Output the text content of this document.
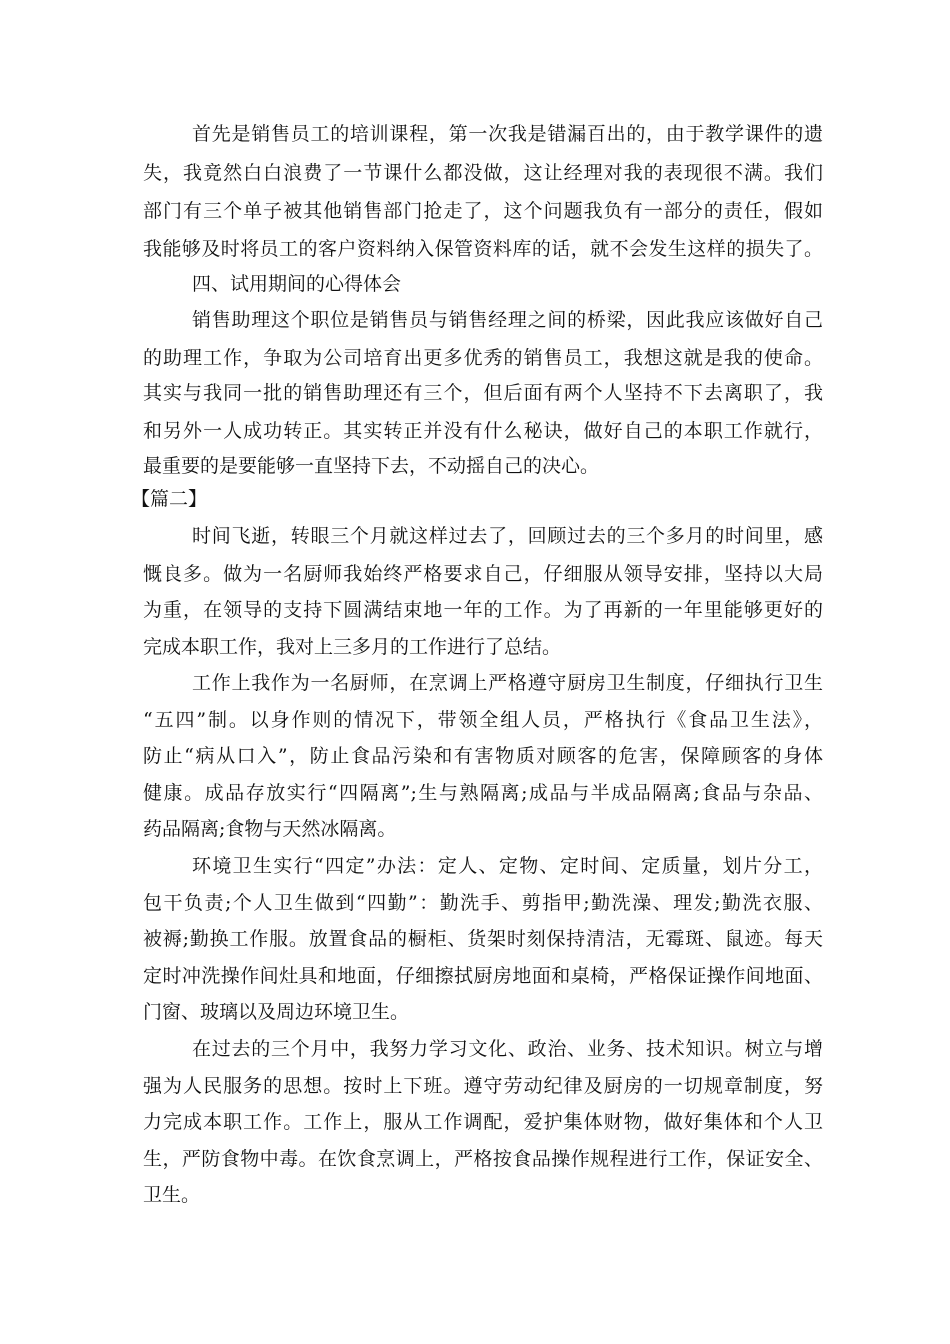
首先是销售员工的培训课程，第一次我是错漏百出的，由于教学课件的遗
失，我竟然白白浪费了一节课什么都没做，这让经理对我的表现很不满。我们
部门有三个单子被其他销售部门抢走了，这个问题我负有一部分的责任，假如
我能够及时将员工的客户资料纳入保管资料库的话，就不会发生这样的损失了。
四、试用期间的心得体会
销售助理这个职位是销售员与销售经理之间的桥梁，因此我应该做好自己
的助理工作，争取为公司培育出更多优秀的销售员工，我想这就是我的使命。
其实与我同一批的销售助理还有三个，但后面有两个人坚持不下去离职了，我
和另外一人成功转正。其实转正并没有什么秘诀，做好自己的本职工作就行，
最重要的是要能够一直坚持下去，不动摇自己的决心。
【篇二】
时间飞逝，转眼三个月就这样过去了，回顾过去的三个多月的时间里，感
慨良多。做为一名厨师我始终严格要求自己，仔细服从领导安排，坚持以大局
为重，在领导的支持下圆满结束地一年的工作。为了再新的一年里能够更好的
完成本职工作，我对上三多月的工作进行了总结。
工作上我作为一名厨师，在烹调上严格遵守厨房卫生制度，仔细执行卫生
“五四”制。以身作则的情况下，带领全组人员，严格执行《食品卫生法》，
防止“病从口入”，防止食品污染和有害物质对顾客的危害，保障顾客的身体
健康。成品存放实行“四隔离”;生与熟隔离;成品与半成品隔离;食品与杂品、
药品隔离;食物与天然冰隔离。
环境卫生实行“四定”办法：定人、定物、定时间、定质量，划片分工，
包干负责;个人卫生做到“四勤”：勤洗手、剪指甲;勤洗澡、理发;勤洗衣服、
被褥;勤换工作服。放置食品的橱柜、货架时刻保持清洁，无霉斑、鼠迹。每天
定时冲洗操作间灶具和地面，仔细擦拭厨房地面和桌椅，严格保证操作间地面、
门窗、玻璃以及周边环境卫生。
在过去的三个月中，我努力学习文化、政治、业务、技术知识。树立与增
强为人民服务的思想。按时上下班。遵守劳动纪律及厨房的一切规章制度，努
力完成本职工作。工作上，服从工作调配，爱护集体财物，做好集体和个人卫
生，严防食物中毒。在饮食烹调上，严格按食品操作规程进行工作，保证安全、
卫生。
